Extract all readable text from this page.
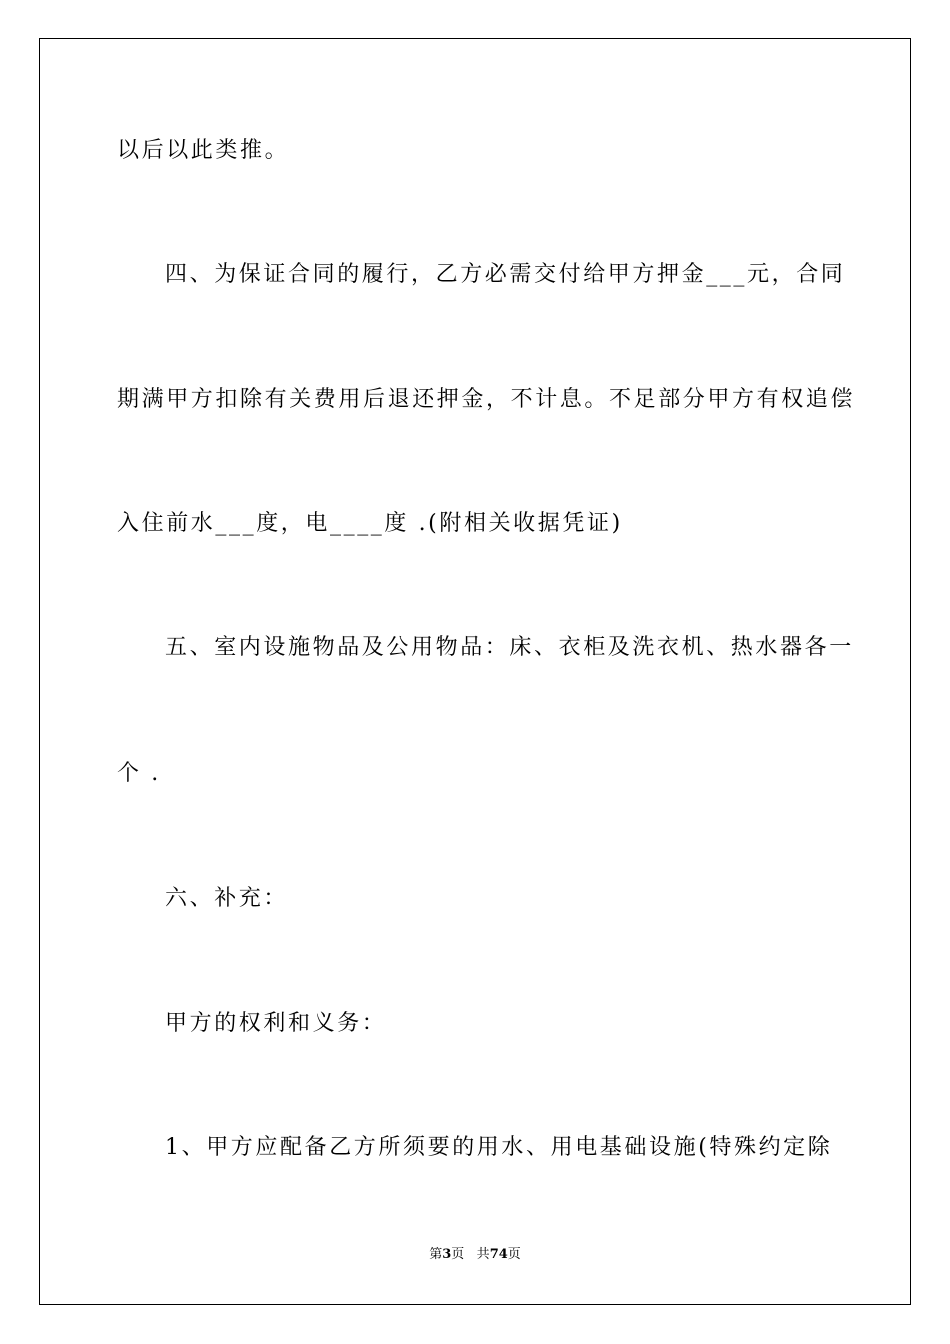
以后以此类推。
四、为保证合同的履行，乙方必需交付给甲方押金___元，合同
期满甲方扣除有关费用后退还押金，不计息。不足部分甲方有权追偿
入住前水___度，电____度 .(附相关收据凭证)
五、室内设施物品及公用物品：床、衣柜及洗衣机、热水器各一
个 .
六、补充：
甲方的权利和义务：
1、甲方应配备乙方所须要的用水、用电基础设施(特殊约定除
第3页 共74页
